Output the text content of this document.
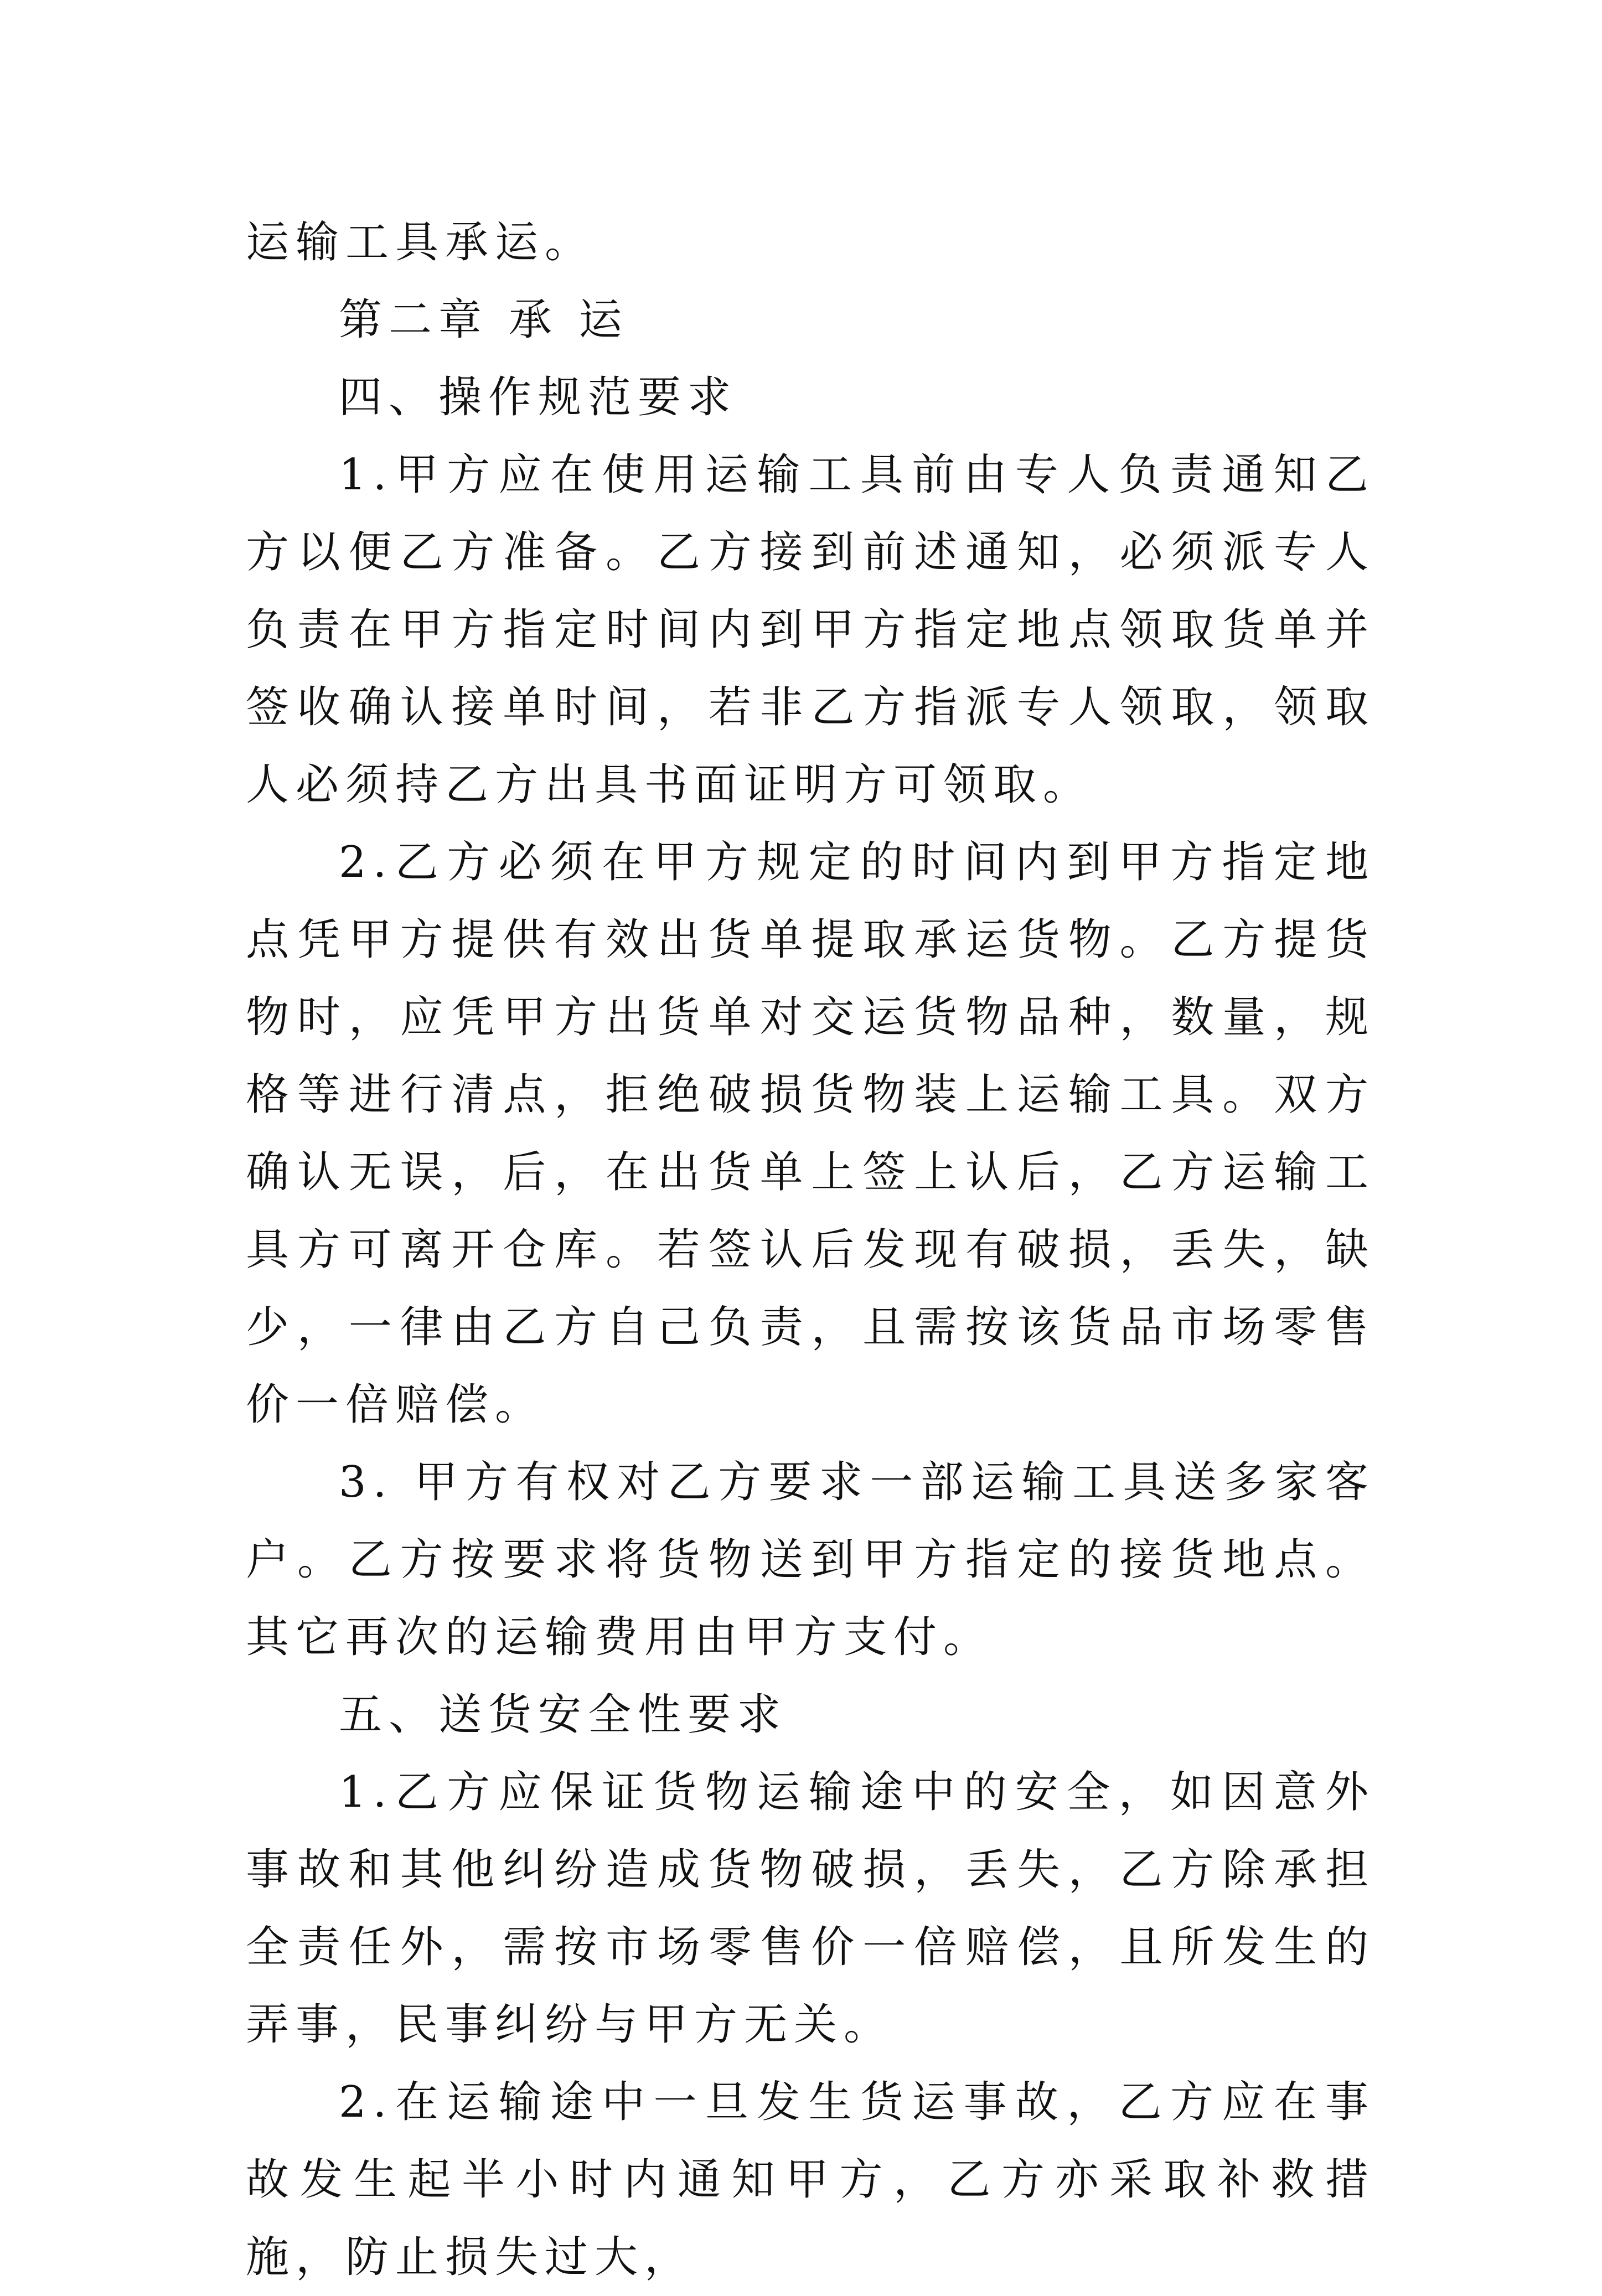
运输工具承运。

第二章 承 运

四、操作规范要求

1.甲方应在使用运输工具前由专人负责通知乙方以便乙方准备。乙方接到前述通知，必须派专人负责在甲方指定时间内到甲方指定地点领取货单并签收确认接单时间，若非乙方指派专人领取，领取人必须持乙方出具书面证明方可领取。

2.乙方必须在甲方规定的时间内到甲方指定地点凭甲方提供有效出货单提取承运货物。乙方提货物时，应凭甲方出货单对交运货物品种，数量，规格等进行清点，拒绝破损货物装上运输工具。双方确认无误，后，在出货单上签上认后，乙方运输工具方可离开仓库。若签认后发现有破损，丢失，缺少，一律由乙方自己负责，且需按该货品市场零售价一倍赔偿。

3. 甲方有权对乙方要求一部运输工具送多家客户。乙方按要求将货物送到甲方指定的接货地点。其它再次的运输费用由甲方支付。

五、送货安全性要求

1.乙方应保证货物运输途中的安全，如因意外事故和其他纠纷造成货物破损，丢失，乙方除承担全责任外，需按市场零售价一倍赔偿，且所发生的弄事，民事纠纷与甲方无关。

2.在运输途中一旦发生货运事故，乙方应在事故发生起半小时内通知甲方，乙方亦采取补救措施，防止损失过大，
